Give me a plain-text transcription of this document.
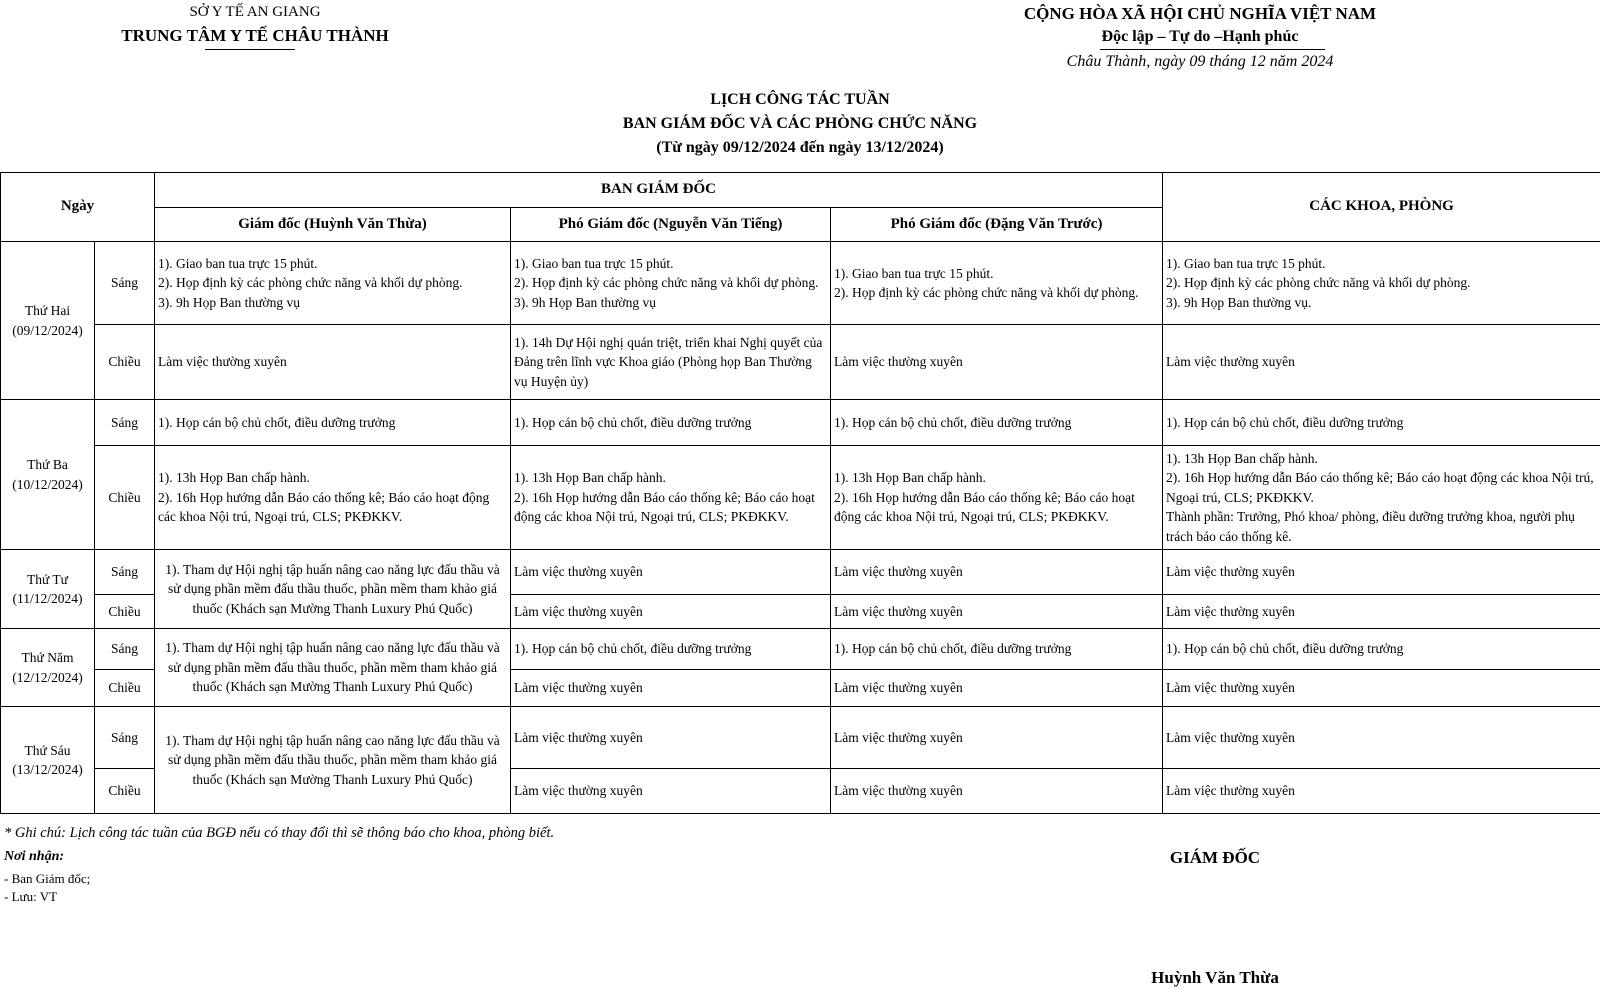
SỞ Y TẾ AN GIANG
TRUNG TÂM Y TẾ CHÂU THÀNH
CỘNG HÒA XÃ HỘI CHỦ NGHĨA VIỆT NAM
Độc lập – Tự do –Hạnh phúc
Châu Thành, ngày 09 tháng 12 năm 2024
LỊCH CÔNG TÁC TUẦN
BAN GIÁM ĐỐC VÀ CÁC PHÒNG CHỨC NĂNG
(Từ ngày 09/12/2024 đến ngày 13/12/2024)
Ngày		BAN GIÁM ĐỐC			CÁC KHOA, PHÒNG
		Giám đốc (Huỳnh Văn Thừa)	Phó Giám đốc (Nguyễn Văn Tiếng)	Phó Giám đốc (Đặng Văn Trước)	

Thứ Hai
(09/12/2024)	Sáng	1). Giao ban tua trực 15 phút.
2). Họp định kỳ các phòng chức năng và khối dự phòng.
3). 9h Họp Ban thường vụ	1). Giao ban tua trực 15 phút.
2). Họp định kỳ các phòng chức năng và khối dự phòng.
3). 9h Họp Ban thường vụ	1). Giao ban tua trực 15 phút.
2). Họp định kỳ các phòng chức năng và khối dự phòng.	1). Giao ban tua trực 15 phút.
2). Họp định kỳ các phòng chức năng và khối dự phòng.
3). 9h Họp Ban thường vụ.

	Chiều	Làm việc thường xuyên	1). 14h Dự Hội nghị quán triệt, triển khai Nghị quyết của Đảng trên lĩnh vực Khoa giáo (Phòng họp Ban Thường vụ Huyện ủy)	Làm việc thường xuyên	Làm việc thường xuyên

Thứ Ba
(10/12/2024)	Sáng	1). Họp cán bộ chủ chốt, điều dưỡng trưởng	1). Họp cán bộ chủ chốt, điều dưỡng trưởng	1). Họp cán bộ chủ chốt, điều dưỡng trưởng	1). Họp cán bộ chủ chốt, điều dưỡng trưởng
	Chiều	1). 13h Họp Ban chấp hành.
2). 16h Họp hướng dẫn Báo cáo thống kê; Báo cáo hoạt động các khoa Nội trú, Ngoại trú, CLS; PKĐKKV.	1). 13h Họp Ban chấp hành.
2). 16h Họp hướng dẫn Báo cáo thống kê; Báo cáo hoạt động các khoa Nội trú, Ngoại trú, CLS; PKĐKKV.	1). 13h Họp Ban chấp hành.
2). 16h Họp hướng dẫn Báo cáo thống kê; Báo cáo hoạt động các khoa Nội trú, Ngoại trú, CLS; PKĐKKV.	1). 13h Họp Ban chấp hành.
2). 16h Họp hướng dẫn Báo cáo thống kê; Báo cáo hoạt động các khoa Nội trú, Ngoại trú, CLS; PKĐKKV.
Thành phần: Trưởng, Phó khoa/ phòng, điều dưỡng trưởng khoa, người phụ trách báo cáo thống kê.

Thứ Tư
(11/12/2024)	Sáng	1). Tham dự Hội nghị tập huấn nâng cao năng lực đấu thầu và sử dụng phần mềm đấu thầu thuốc, phần mềm tham khảo giá thuốc (Khách sạn Mường Thanh Luxury Phú Quốc)	Làm việc thường xuyên	Làm việc thường xuyên	Làm việc thường xuyên
	Chiều		Làm việc thường xuyên	Làm việc thường xuyên	Làm việc thường xuyên

Thứ Năm
(12/12/2024)	Sáng	1). Tham dự Hội nghị tập huấn nâng cao năng lực đấu thầu và sử dụng phần mềm đấu thầu thuốc, phần mềm tham khảo giá thuốc (Khách sạn Mường Thanh Luxury Phú Quốc)	1). Họp cán bộ chủ chốt, điều dưỡng trưởng	1). Họp cán bộ chủ chốt, điều dưỡng trưởng	1). Họp cán bộ chủ chốt, điều dưỡng trưởng
	Chiều		Làm việc thường xuyên	Làm việc thường xuyên	Làm việc thường xuyên

Thứ Sáu
(13/12/2024)	Sáng	1). Tham dự Hội nghị tập huấn nâng cao năng lực đấu thầu và sử dụng phần mềm đấu thầu thuốc, phần mềm tham khảo giá thuốc (Khách sạn Mường Thanh Luxury Phú Quốc)	Làm việc thường xuyên	Làm việc thường xuyên	Làm việc thường xuyên
	Chiều		Làm việc thường xuyên	Làm việc thường xuyên	Làm việc thường xuyên
* Ghi chú: Lịch công tác tuần của BGĐ nếu có thay đổi thì sẽ thông báo cho khoa, phòng biết.
Nơi nhận:
- Ban Giám đốc;
- Lưu: VT
GIÁM ĐỐC
Huỳnh Văn Thừa
